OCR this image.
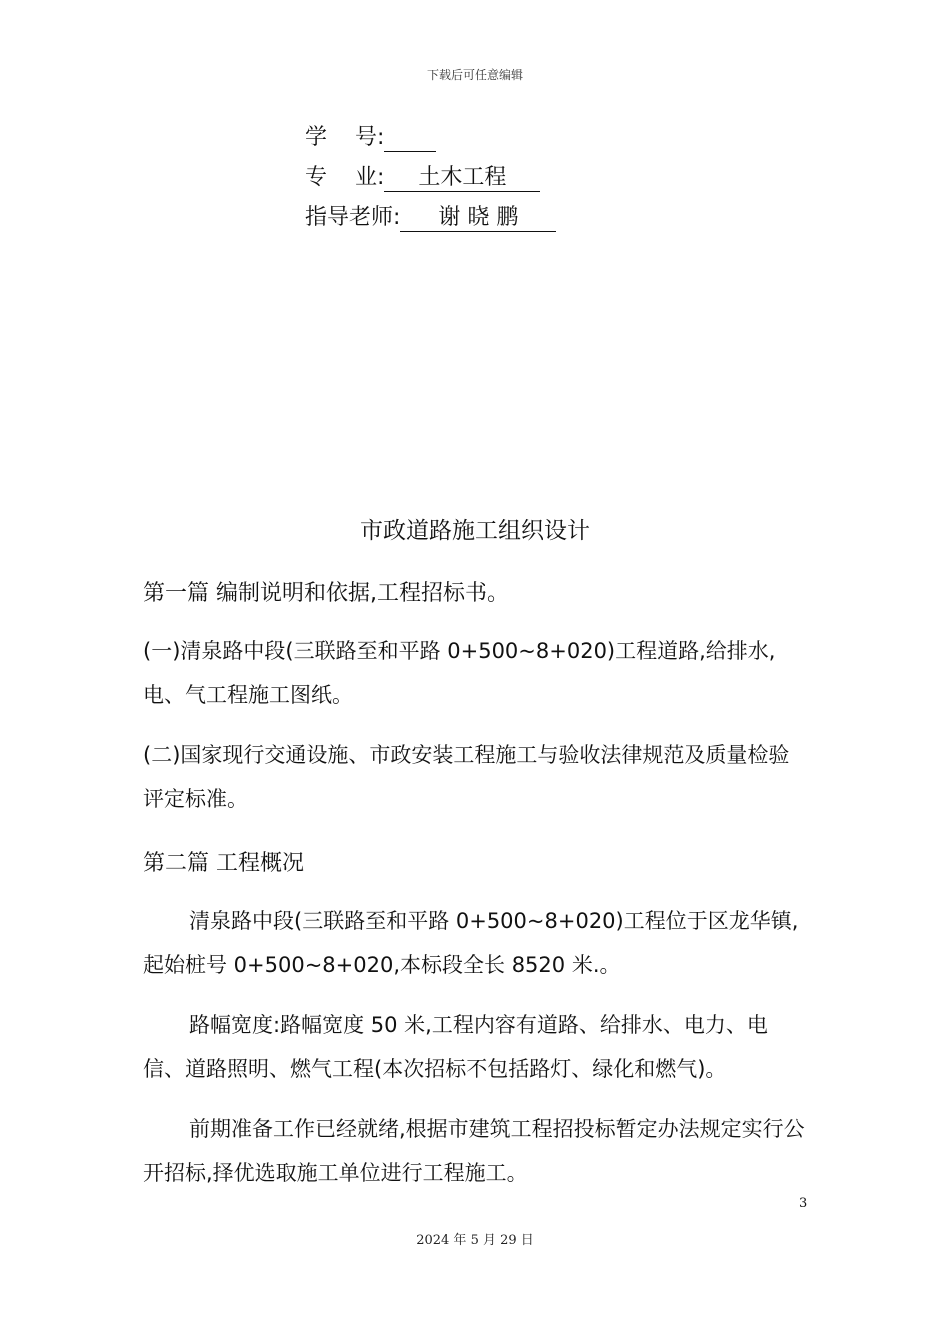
下载后可任意编辑
学    号:
专    业: 土木工程
指导老师: 谢 晓 鹏
市政道路施工组织设计
第一篇 编制说明和依据,工程招标书。

(一)清泉路中段(三联路至和平路 0+500~8+020)工程道路,给排水,电、气工程施工图纸。

(二)国家现行交通设施、市政安装工程施工与验收法律规范及质量检验评定标准。

第二篇 工程概况

清泉路中段(三联路至和平路 0+500~8+020)工程位于区龙华镇,起始桩号 0+500~8+020,本标段全长 8520 米.。

路幅宽度:路幅宽度 50 米,工程内容有道路、给排水、电力、电信、道路照明、燃气工程(本次招标不包括路灯、绿化和燃气)。

前期准备工作已经就绪,根据市建筑工程招投标暂定办法规定实行公开招标,择优选取施工单位进行工程施工。

3
2024 年 5 月 29 日
